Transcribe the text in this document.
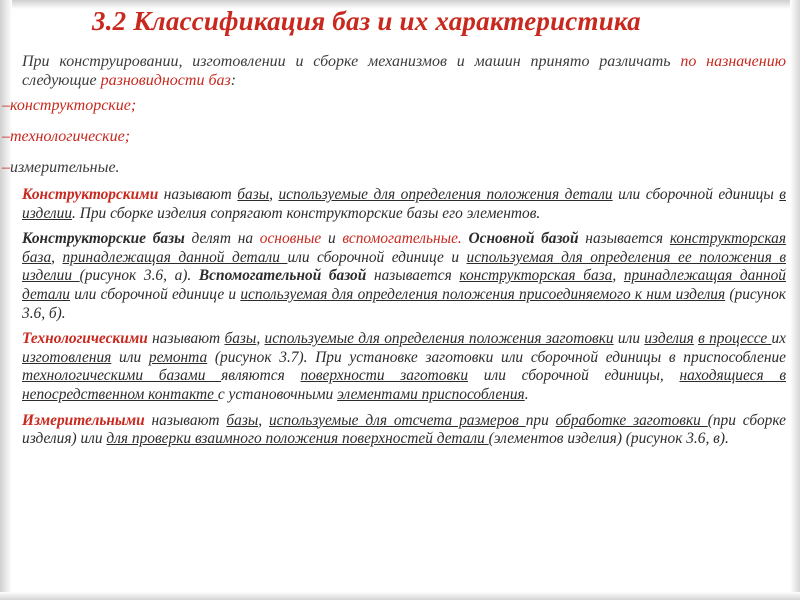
3.2 Классификация баз и их характеристика

При конструировании, изготовлении и сборке механизмов и машин принято различать по назначению следующие разновидности баз:

–конструкторские;
–технологические;
–измерительные.

Конструкторскими называют базы, используемые для определения положения детали или сборочной единицы в изделии. При сборке изделия сопрягают конструкторские базы его элементов.

Конструкторские базы делят на основные и вспомогательные. Основной базой называется конструкторская база, принадлежащая данной детали или сборочной единице и используемая для определения ее положения в изделии (рисунок 3.6, а). Вспомогательной базой называется конструкторская база, принадлежащая данной детали или сборочной единице и используемая для определения положения присоединяемого к ним изделия (рисунок 3.6, б).

Технологическими называют базы, используемые для определения положения заготовки или изделия в процессе их изготовления или ремонта (рисунок 3.7). При установке заготовки или сборочной единицы в приспособление технологическими базами являются поверхности заготовки или сборочной единицы, находящиеся в непосредственном контакте с установочными элементами приспособления.

Измерительными называют базы, используемые для отсчета размеров при обработке заготовки (при сборке изделия) или для проверки взаимного положения поверхностей детали (элементов изделия) (рисунок 3.6, в).
